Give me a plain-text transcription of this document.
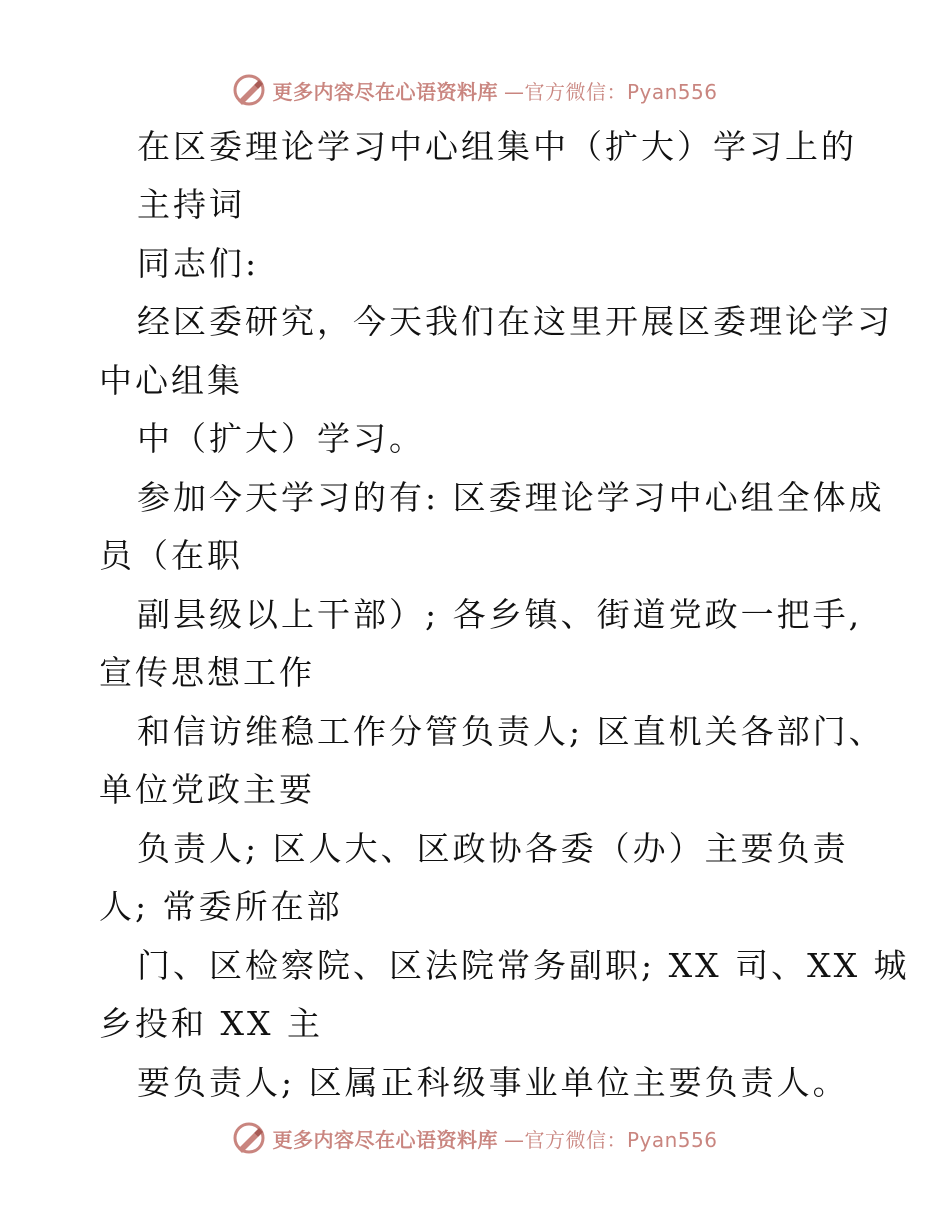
更多内容尽在心语资料库 —官方微信：Pyan556
在区委理论学习中心组集中（扩大）学习上的
主持词
同志们:
经区委研究，今天我们在这里开展区委理论学习
中心组集
中（扩大）学习。
参加今天学习的有: 区委理论学习中心组全体成
员（在职
副县级以上干部）; 各乡镇、街道党政一把手,
宣传思想工作
和信访维稳工作分管负责人; 区直机关各部门、
单位党政主要
负责人; 区人大、区政协各委（办）主要负责
人; 常委所在部
门、区检察院、区法院常务副职; XX 司、XX 城
乡投和 XX 主
要负责人; 区属正科级事业单位主要负责人。
更多内容尽在心语资料库 —官方微信：Pyan556
